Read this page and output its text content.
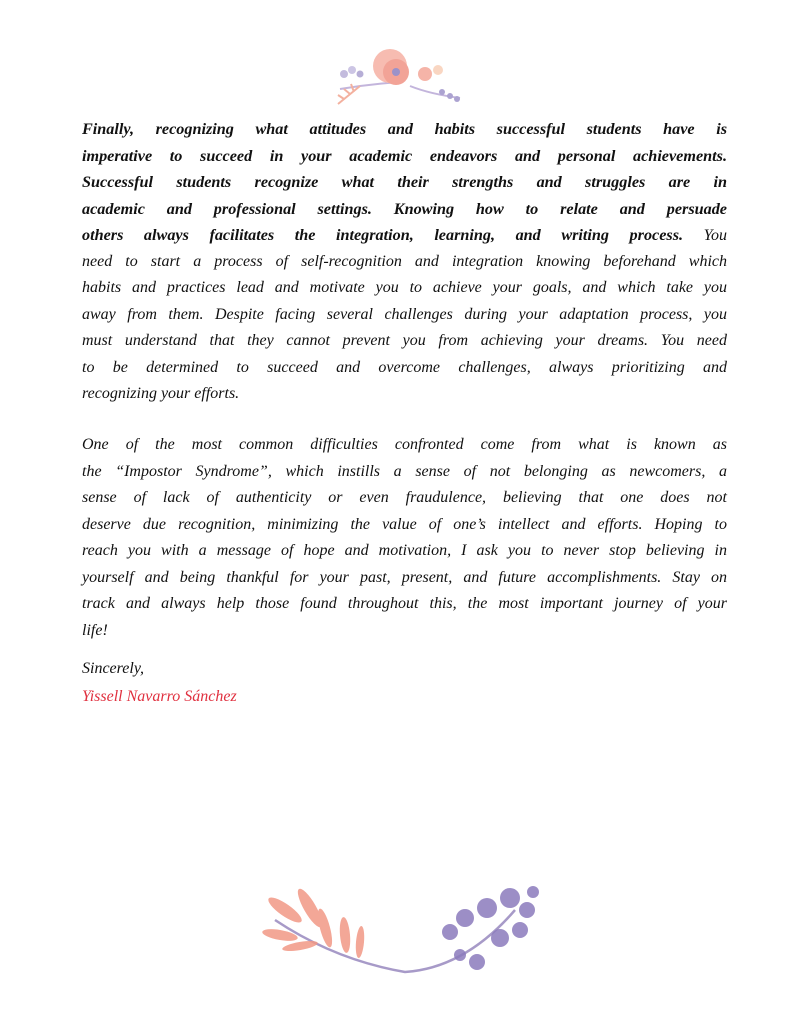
Finally, recognizing what attitudes and habits successful students have is
imperative to succeed in your academic endeavors and personal achievements.
Successful students recognize what their strengths and struggles are in
academic and professional settings. Knowing how to relate and persuade
others always facilitates the integration, learning, and writing process. You
need to start a process of self-recognition and integration knowing beforehand which
habits and practices lead and motivate you to achieve your goals, and which take you
away from them. Despite facing several challenges during your adaptation process, you
must understand that they cannot prevent you from achieving your dreams. You need
to be determined to succeed and overcome challenges, always prioritizing and
recognizing your efforts.
One of the most common difficulties confronted come from what is known as
the “Impostor Syndrome”, which instills a sense of not belonging as newcomers, a
sense of lack of authenticity or even fraudulence, believing that one does not
deserve due recognition, minimizing the value of one’s intellect and efforts. Hoping to
reach you with a message of hope and motivation, I ask you to never stop believing in
yourself and being thankful for your past, present, and future accomplishments. Stay on
track and always help those found throughout this, the most important journey of your
life!
Sincerely,
Yissell Navarro Sánchez
